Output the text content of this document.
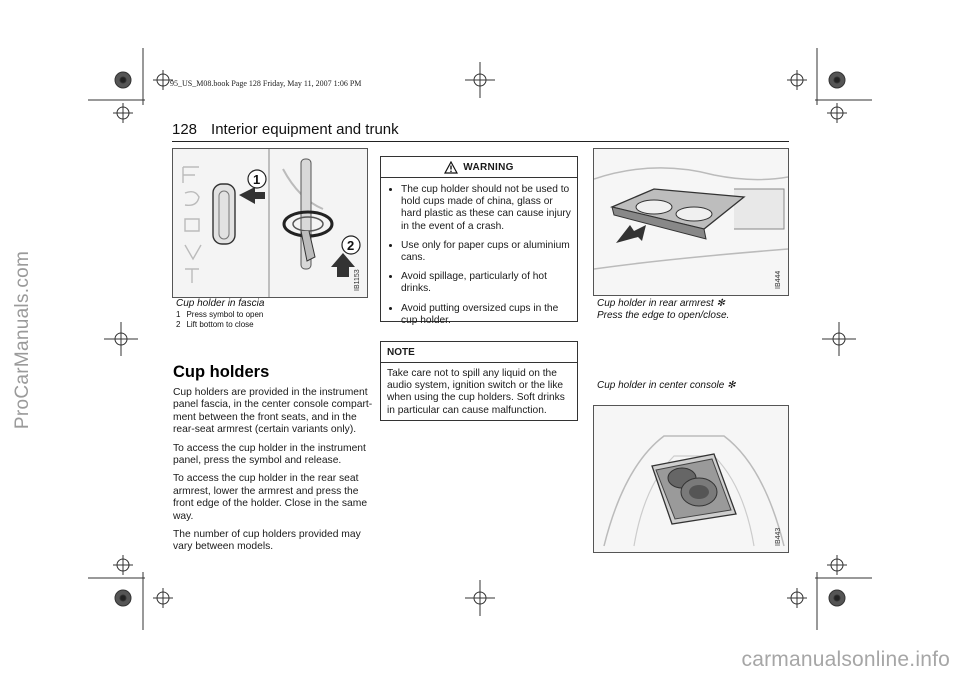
ProCarManuals.com
carmanualsonline.info
95_US_M08.book Page 128 Friday, May 11, 2007 1:06 PM
128 Interior equipment and trunk
1
2
IB1153
Cup holder in fascia
1 Press symbol to open
2 Lift bottom to close
Cup holders

Cup holders are provided in the instrument panel fascia, in the center console compart-ment between the front seats, and in the rear-seat armrest (certain variants only).

To access the cup holder in the instrument panel, press the symbol and release.

To access the cup holder in the rear seat armrest, lower the armrest and press the front edge of the holder. Close in the same way.

The number of cup holders provided may vary between models.

WARNING
• The cup holder should not be used to hold cups made of china, glass or hard plastic as these can cause injury in the event of a crash.
• Use only for paper cups or aluminium cans.
• Avoid spillage, particularly of hot drinks.
• Avoid putting oversized cups in the cup holder.
NOTE
Take care not to spill any liquid on the audio system, ignition switch or the like when using the cup holders. Soft drinks in particular can cause malfunction.
IB444
Cup holder in rear armrest ✻
Press the edge to open/close.
Cup holder in center console ✻
IB443
